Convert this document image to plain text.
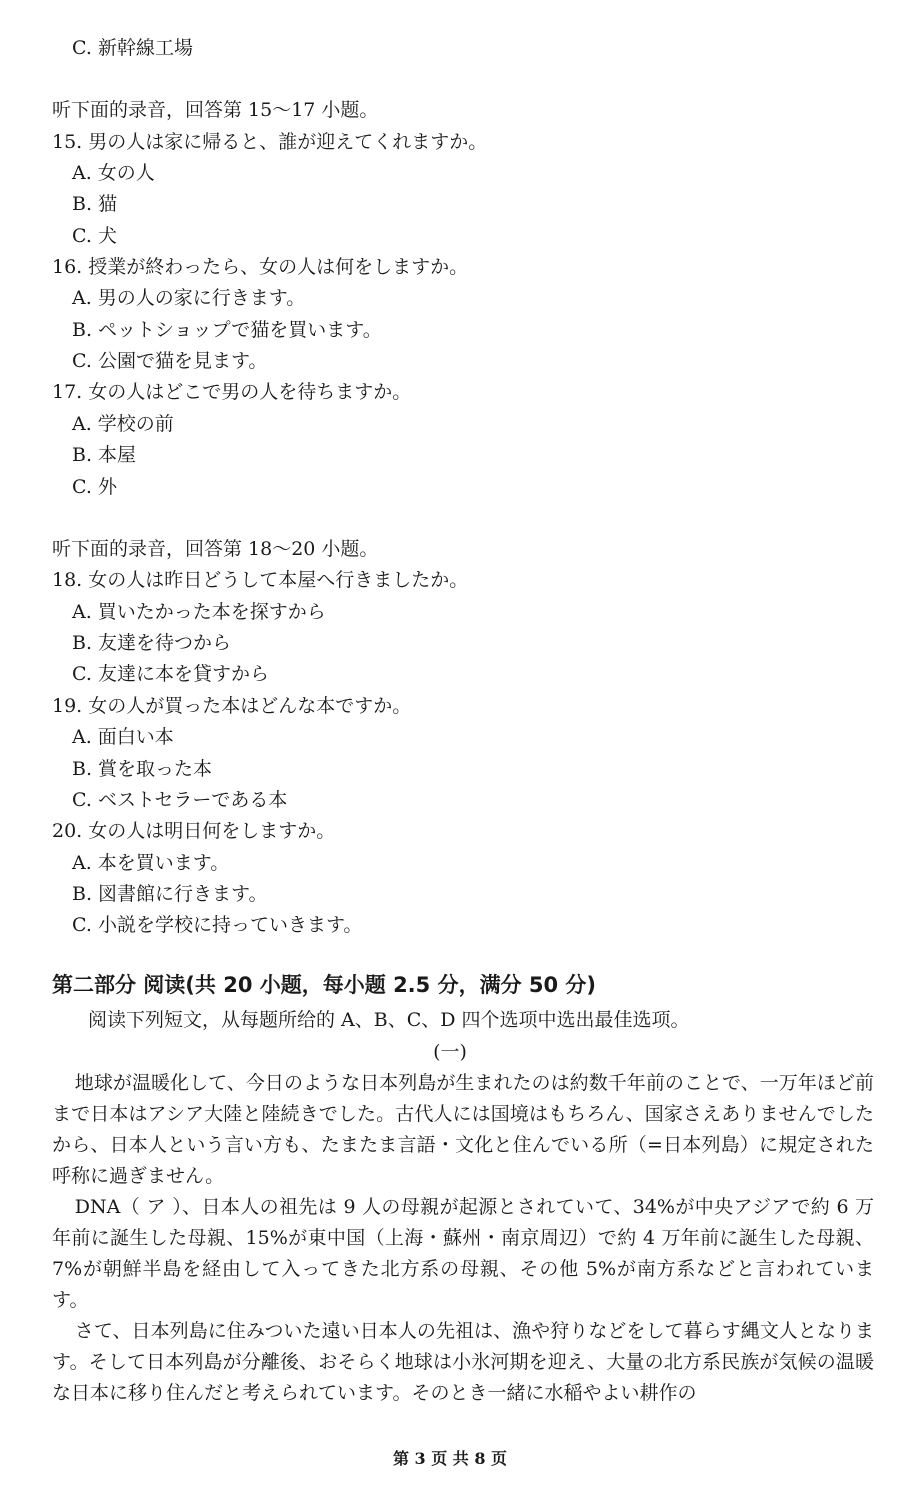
C. 新幹線工場
听下面的录音，回答第 15～17 小题。
15. 男の人は家に帰ると、誰が迎えてくれますか。
A. 女の人
B. 猫
C. 犬
16. 授業が終わったら、女の人は何をしますか。
A. 男の人の家に行きます。
B. ペットショップで猫を買います。
C. 公園で猫を見ます。
17. 女の人はどこで男の人を待ちますか。
A. 学校の前
B. 本屋
C. 外
听下面的录音，回答第 18～20 小题。
18. 女の人は昨日どうして本屋へ行きましたか。
A. 買いたかった本を探すから
B. 友達を待つから
C. 友達に本を貸すから
19. 女の人が買った本はどんな本ですか。
A. 面白い本
B. 賞を取った本
C. ベストセラーである本
20. 女の人は明日何をしますか。
A. 本を買います。
B. 図書館に行きます。
C. 小説を学校に持っていきます。
第二部分 阅读(共 20 小题，每小题 2.5 分，满分 50 分)
阅读下列短文，从每题所给的 A、B、C、D 四个选项中选出最佳选项。
(一)
地球が温暖化して、今日のような日本列島が生まれたのは約数千年前のことで、一万年ほど前まで日本はアシア大陸と陸続きでした。古代人には国境はもちろん、国家さえありませんでしたから、日本人という言い方も、たまたま言語・文化と住んでいる所（=日本列島）に規定された呼称に過ぎません。
DNA（ ア ）、日本人の祖先は 9 人の母親が起源とされていて、34%が中央アジアで約 6 万年前に誕生した母親、15%が東中国（上海・蘇州・南京周辺）で約 4 万年前に誕生した母親、7%が朝鮮半島を経由して入ってきた北方系の母親、その他 5%が南方系などと言われています。
さて、日本列島に住みついた遠い日本人の先祖は、漁や狩りなどをして暮らす縄文人となります。そして日本列島が分離後、おそらく地球は小氷河期を迎え、大量の北方系民族が気候の温暖な日本に移り住んだと考えられています。そのとき一緒に水稲やよい耕作の
第 3 页 共 8 页
